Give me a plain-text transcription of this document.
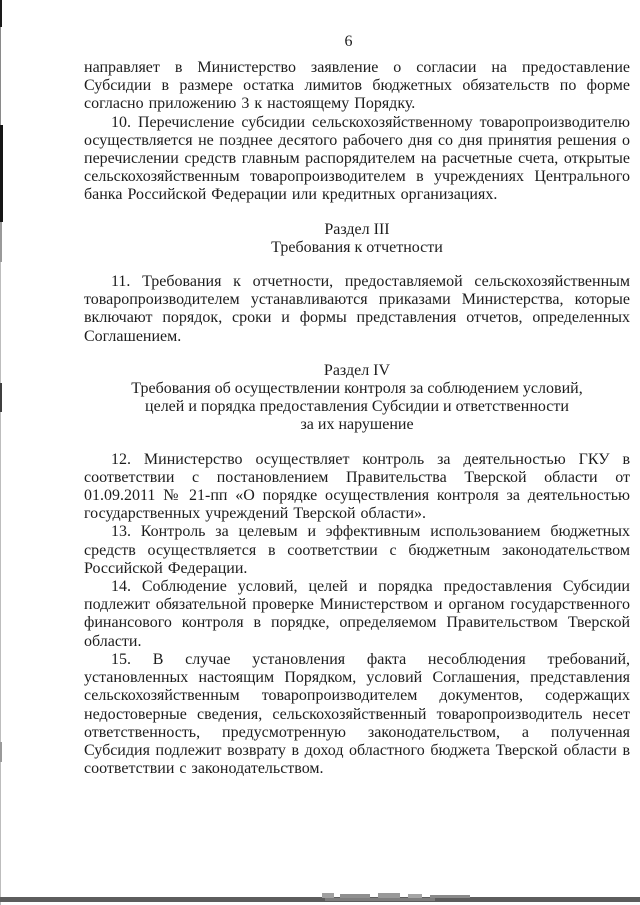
6

направляет в Министерство заявление о согласии на предоставление Субсидии в размере остатка лимитов бюджетных обязательств по форме согласно приложению 3 к настоящему Порядку.

10. Перечисление субсидии сельскохозяйственному товаропроизводителю осуществляется не позднее десятого рабочего дня со дня принятия решения о перечислении средств главным распорядителем на расчетные счета, открытые сельскохозяйственным товаропроизводителем в учреждениях Центрального банка Российской Федерации или кредитных организациях.

Раздел III
Требования к отчетности

11. Требования к отчетности, предоставляемой сельскохозяйственным товаропроизводителем устанавливаются приказами Министерства, которые включают порядок, сроки и формы представления отчетов, определенных Соглашением.

Раздел IV
Требования об осуществлении контроля за соблюдением условий,
целей и порядка предоставления Субсидии и ответственности
за их нарушение

12. Министерство осуществляет контроль за деятельностью ГКУ в соответствии с постановлением Правительства Тверской области от 01.09.2011 № 21-пп «О порядке осуществления контроля за деятельностью государственных учреждений Тверской области».

13. Контроль за целевым и эффективным использованием бюджетных средств осуществляется в соответствии с бюджетным законодательством Российской Федерации.

14. Соблюдение условий, целей и порядка предоставления Субсидии подлежит обязательной проверке Министерством и органом государственного финансового контроля в порядке, определяемом Правительством Тверской области.

15. В случае установления факта несоблюдения требований, установленных настоящим Порядком, условий Соглашения, представления сельскохозяйственным товаропроизводителем документов, содержащих недостоверные сведения, сельскохозяйственный товаропроизводитель несет ответственность, предусмотренную законодательством, а полученная Субсидия подлежит возврату в доход областного бюджета Тверской области в соответствии с законодательством.
